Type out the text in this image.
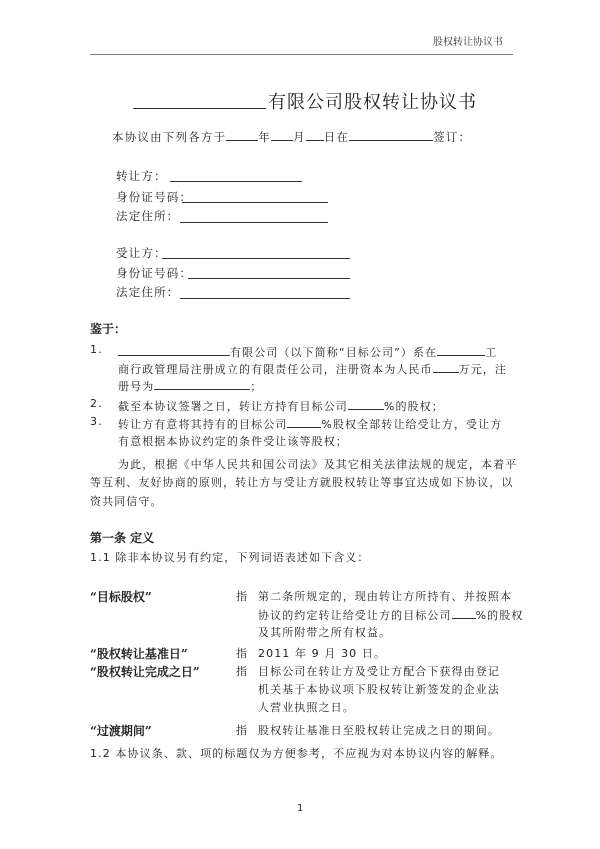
股权转让协议书
有限公司股权转让协议书
本协议由下列各方于	年 月 日在	签订：
转让方：
身份证号码：
法定住所：
受让方：
身份证号码：
法定住所：
鉴于：
1.	有限公司（以下简称“目标公司”）系在	工
商行政管理局注册成立的有限责任公司，注册资本为人民币 万元，注
册号为	；
2. 截至本协议签署之日，转让方持有目标公司	%的股权；
3. 转让方有意将其持有的目标公司	%股权全部转让给受让方，受让方
有意根据本协议约定的条件受让该等股权；
为此，根据《中华人民共和国公司法》及其它相关法律法规的规定，本着平
等互利、友好协商的原则，转让方与受让方就股权转让等事宜达成如下协议，以
资共同信守。
第一条 定义
1.1 除非本协议另有约定，下列词语表述如下含义：
“目标股权”	指 第二条所规定的，现由转让方所持有、并按照本
协议的约定转让给受让方的目标公司 %的股权
及其所附带之所有权益。
“股权转让基准日”	指 2011 年 9 月 30 日。
“股权转让完成之日”	指 目标公司在转让方及受让方配合下获得由登记
机关基于本协议项下股权转让新签发的企业法
人营业执照之日。
“过渡期间”	指 股权转让基准日至股权转让完成之日的期间。
1.2 本协议条、款、项的标题仅为方便参考，不应视为对本协议内容的解释。
1
